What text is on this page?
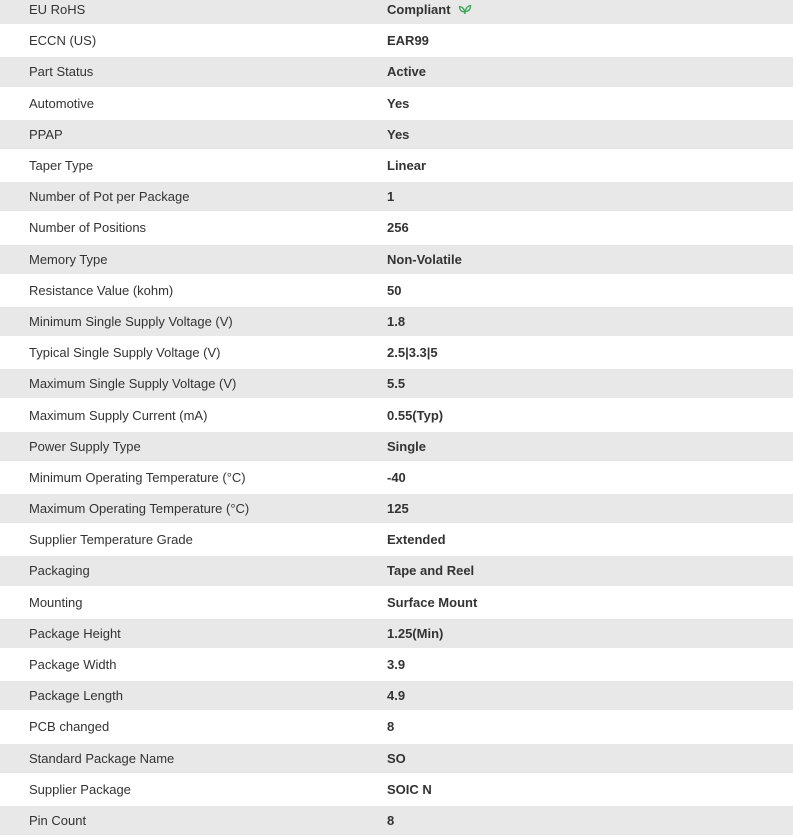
EU RoHS	Compliant
ECCN (US)	EAR99
Part Status	Active
Automotive	Yes
PPAP	Yes
Taper Type	Linear
Number of Pot per Package	1
Number of Positions	256
Memory Type	Non-Volatile
Resistance Value (kohm)	50
Minimum Single Supply Voltage (V)	1.8
Typical Single Supply Voltage (V)	2.5|3.3|5
Maximum Single Supply Voltage (V)	5.5
Maximum Supply Current (mA)	0.55(Typ)
Power Supply Type	Single
Minimum Operating Temperature (°C)	-40
Maximum Operating Temperature (°C)	125
Supplier Temperature Grade	Extended
Packaging	Tape and Reel
Mounting	Surface Mount
Package Height	1.25(Min)
Package Width	3.9
Package Length	4.9
PCB changed	8
Standard Package Name	SO
Supplier Package	SOIC N
Pin Count	8
